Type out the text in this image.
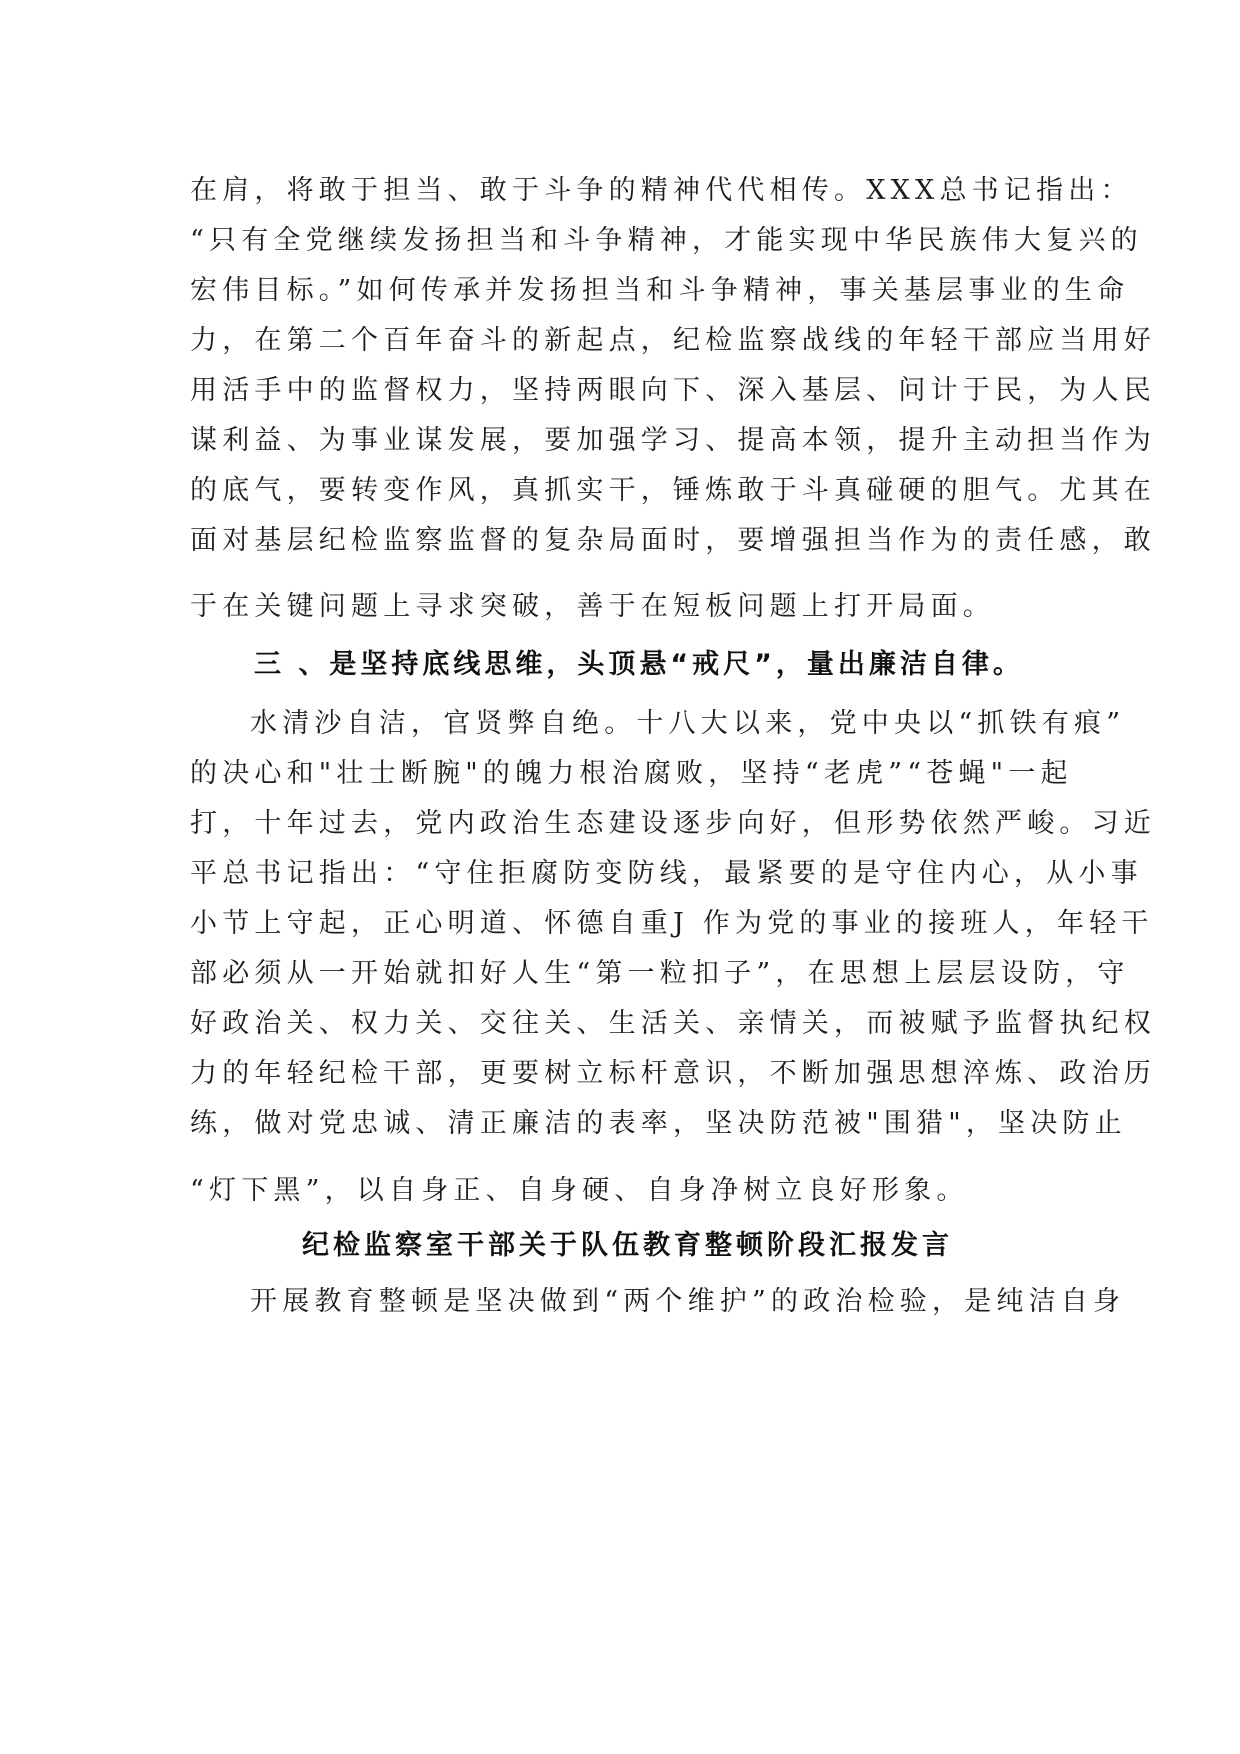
在肩，将敢于担当、敢于斗争的精神代代相传。XXX总书记指出：
“只有全党继续发扬担当和斗争精神，才能实现中华民族伟大复兴的
宏伟目标。”如何传承并发扬担当和斗争精神，事关基层事业的生命
力，在第二个百年奋斗的新起点，纪检监察战线的年轻干部应当用好
用活手中的监督权力，坚持两眼向下、深入基层、问计于民，为人民
谋利益、为事业谋发展，要加强学习、提高本领，提升主动担当作为
的底气，要转变作风，真抓实干，锤炼敢于斗真碰硬的胆气。尤其在
面对基层纪检监察监督的复杂局面时，要增强担当作为的责任感，敢
于在关键问题上寻求突破，善于在短板问题上打开局面。
三 、是坚持底线思维，头顶悬“戒尺”，量出廉洁自律。
水清沙自洁，官贤弊自绝。十八大以来，党中央以“抓铁有痕”
的决心和"壮士断腕"的魄力根治腐败，坚持“老虎”“苍蝇"一起
打，十年过去，党内政治生态建设逐步向好，但形势依然严峻。习近
平总书记指出：“守住拒腐防变防线，最紧要的是守住内心，从小事
小节上守起，正心明道、怀德自重J 作为党的事业的接班人，年轻干
部必须从一开始就扣好人生“第一粒扣子”，在思想上层层设防，守
好政治关、权力关、交往关、生活关、亲情关，而被赋予监督执纪权
力的年轻纪检干部，更要树立标杆意识，不断加强思想淬炼、政治历
练，做对党忠诚、清正廉洁的表率，坚决防范被"围猎"，坚决防止
“灯下黑”，以自身正、自身硬、自身净树立良好形象。
纪检监察室干部关于队伍教育整顿阶段汇报发言
开展教育整顿是坚决做到“两个维护”的政治检验，是纯洁自身
